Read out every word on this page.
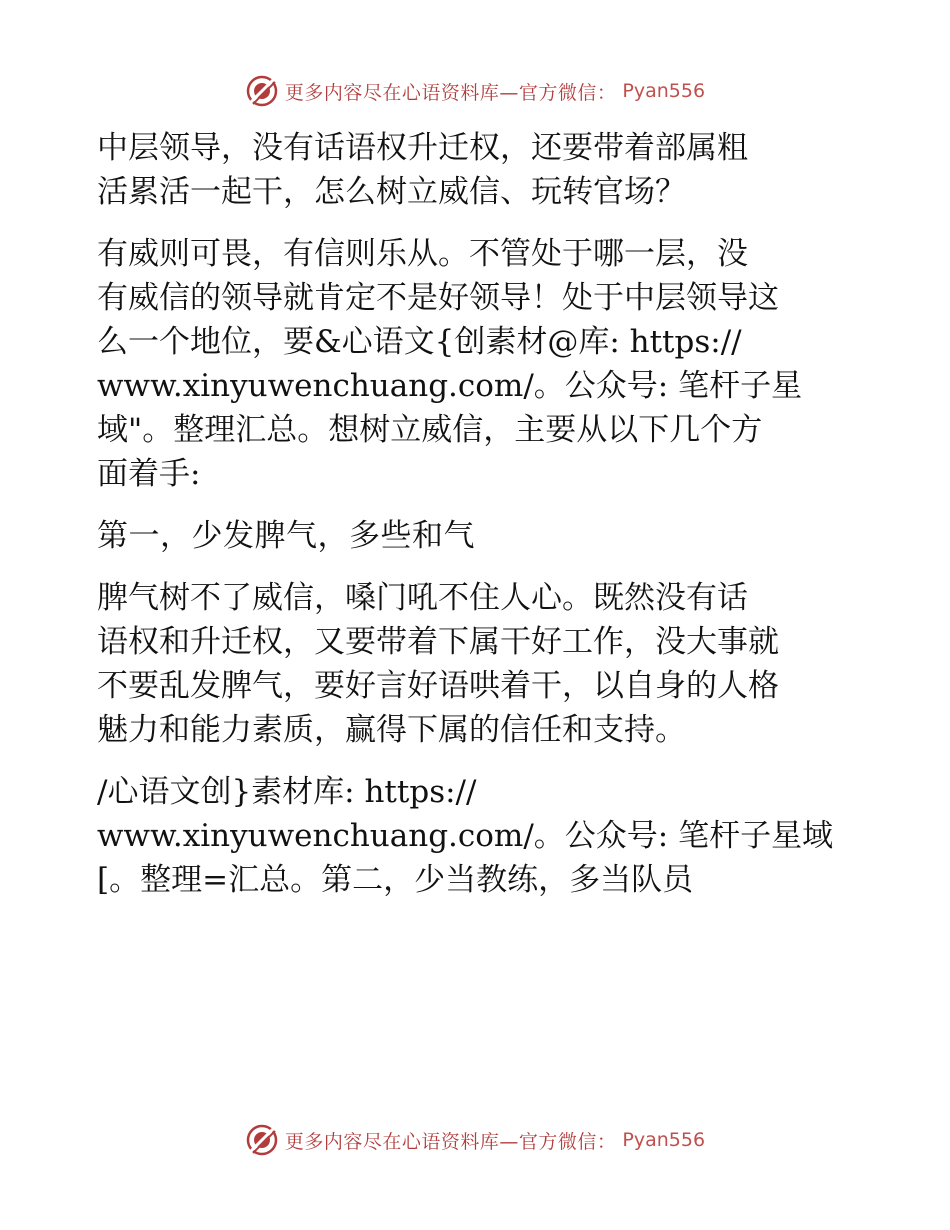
更多内容尽在心语资料库—官方微信： Pyan556

中层领导，没有话语权升迁权，还要带着部属粗
活累活一起干，怎么树立威信、玩转官场？

有威则可畏，有信则乐从。不管处于哪一层，没
有威信的领导就肯定不是好领导！处于中层领导这
么一个地位，要&心语文{创素材@库: https://
www.xinyuwenchuang.com/。公众号: 笔杆子星
域"。整理汇总。想树立威信，主要从以下几个方
面着手:

第一，少发脾气，多些和气

脾气树不了威信，嗓门吼不住人心。既然没有话
语权和升迁权，又要带着下属干好工作，没大事就
不要乱发脾气，要好言好语哄着干，以自身的人格
魅力和能力素质，赢得下属的信任和支持。

/心语文创}素材库: https://
www.xinyuwenchuang.com/。公众号: 笔杆子星域
[。整理=汇总。第二，少当教练，多当队员

更多内容尽在心语资料库—官方微信： Pyan556
